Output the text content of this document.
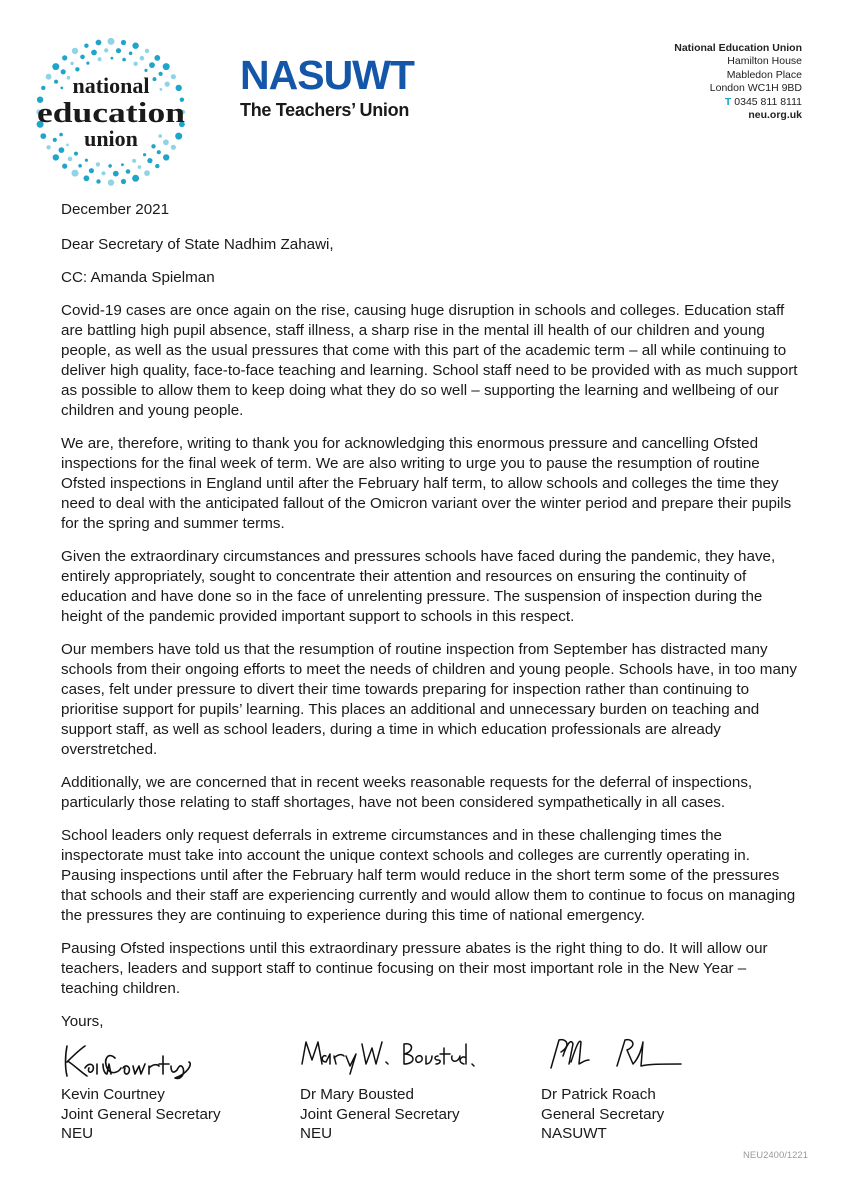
national
education
union
NASUWT
The Teachers’ Union
National Education Union
Hamilton House
Mabledon Place
London WC1H 9BD
T 0345 811 8111
neu.org.uk

December 2021

Dear Secretary of State Nadhim Zahawi,

CC: Amanda Spielman

Covid-19 cases are once again on the rise, causing huge disruption in schools and colleges. Education staff are battling high pupil absence, staff illness, a sharp rise in the mental ill health of our children and young people, as well as the usual pressures that come with this part of the academic term – all while continuing to deliver high quality, face-to-face teaching and learning. School staff need to be provided with as much support as possible to allow them to keep doing what they do so well – supporting the learning and wellbeing of our children and young people.

We are, therefore, writing to thank you for acknowledging this enormous pressure and cancelling Ofsted inspections for the final week of term. We are also writing to urge you to pause the resumption of routine Ofsted inspections in England until after the February half term, to allow schools and colleges the time they need to deal with the anticipated fallout of the Omicron variant over the winter period and prepare their pupils for the spring and summer terms.

Given the extraordinary circumstances and pressures schools have faced during the pandemic, they have, entirely appropriately, sought to concentrate their attention and resources on ensuring the continuity of education and have done so in the face of unrelenting pressure. The suspension of inspection during the height of the pandemic provided important support to schools in this respect.

Our members have told us that the resumption of routine inspection from September has distracted many schools from their ongoing efforts to meet the needs of children and young people. Schools have, in too many cases, felt under pressure to divert their time towards preparing for inspection rather than continuing to prioritise support for pupils’ learning. This places an additional and unnecessary burden on teaching and support staff, as well as school leaders, during a time in which education professionals are already overstretched.

Additionally, we are concerned that in recent weeks reasonable requests for the deferral of inspections, particularly those relating to staff shortages, have not been considered sympathetically in all cases.

School leaders only request deferrals in extreme circumstances and in these challenging times the inspectorate must take into account the unique context schools and colleges are currently operating in. Pausing inspections until after the February half term would reduce in the short term some of the pressures that schools and their staff are experiencing currently and would allow them to continue to focus on managing the pressures they are continuing to experience during this time of national emergency.

Pausing Ofsted inspections until this extraordinary pressure abates is the right thing to do. It will allow our teachers, leaders and support staff to continue focusing on their most important role in the New Year – teaching children.

Yours,

Kevin Courtney
Joint General Secretary
NEU
Dr Mary Bousted
Joint General Secretary
NEU
Dr Patrick Roach
General Secretary
NASUWT
NEU2400/1221
